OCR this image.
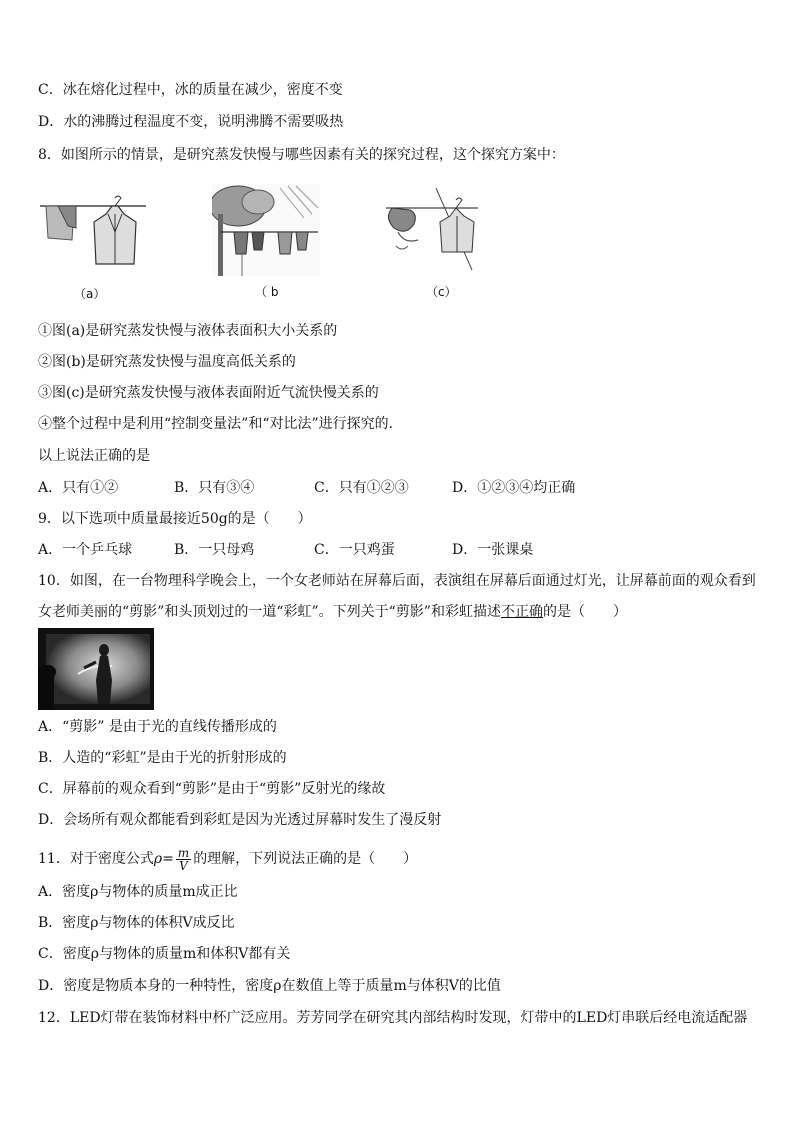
C．冰在熔化过程中，冰的质量在减少，密度不变
D．水的沸腾过程温度不变，说明沸腾不需要吸热
8．如图所示的情景，是研究蒸发快慢与哪些因素有关的探究过程，这个探究方案中：
（a）	（ b	（c）
①图(a)是研究蒸发快慢与液体表面积大小关系的
②图(b)是研究蒸发快慢与温度高低关系的
③图(c)是研究蒸发快慢与液体表面附近气流快慢关系的
④整个过程中是利用“控制变量法”和“对比法”进行探究的．
以上说法正确的是
A．只有①②	B．只有③④	C．只有①②③	D．①②③④均正确
9．以下选项中质量最接近50g的是（　　）
A．一个乒乓球	B．一只母鸡	C．一只鸡蛋	D．一张课桌
10．如图，在一台物理科学晚会上，一个女老师站在屏幕后面，表演组在屏幕后面通过灯光，让屏幕前面的观众看到
女老师美丽的“剪影”和头顶划过的一道“彩虹”。下列关于“剪影”和彩虹描述不正确的是（　　）
A．“剪影” 是由于光的直线传播形成的
B．人造的“彩虹”是由于光的折射形成的
C．屏幕前的观众看到“剪影”是由于“剪影”反射光的缘故
D．会场所有观众都能看到彩虹是因为光透过屏幕时发生了漫反射
11．对于密度公式$\rho= \frac{m}{V}$ 的理解，下列说法正确的是（　　）
A．密度ρ与物体的质量m成正比
B．密度ρ与物体的体积V成反比
C．密度ρ与物体的质量m和体积V都有关
D．密度是物质本身的一种特性，密度ρ在数值上等于质量m与体积V的比值
12．LED灯带在装饰材料中杯广泛应用。芳芳同学在研究其内部结构时发现，灯带中的LED灯串联后经电流适配器
